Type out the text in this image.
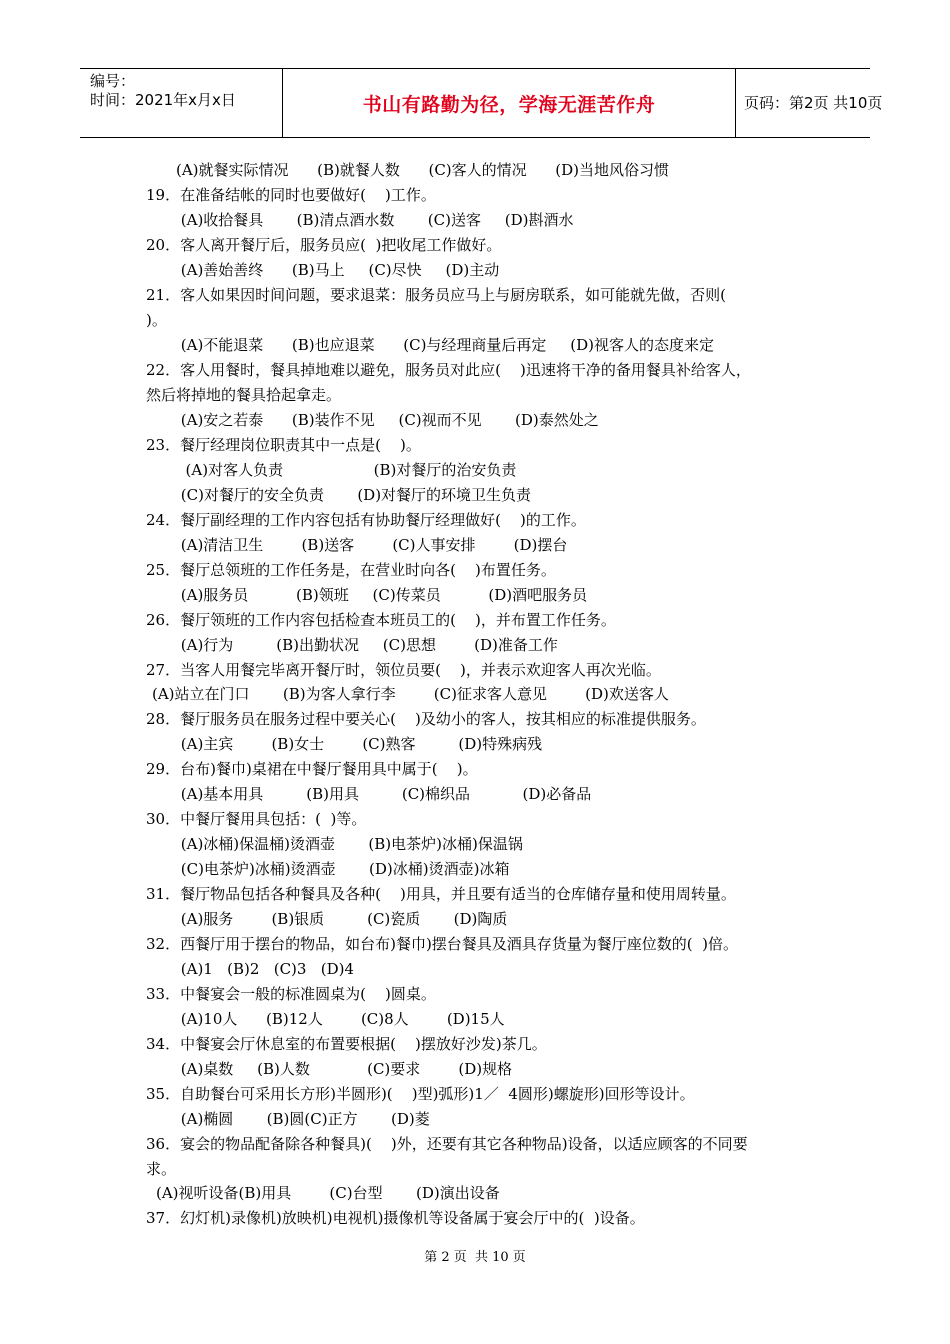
编号：
时间：2021年x月x日	书山有路勤为径，学海无涯苦作舟	页码：第2页 共10页
(A)就餐实际情况      (B)就餐人数      (C)客人的情况      (D)当地风俗习惯
19．在准备结帐的同时也要做好(    )工作。
(A)收拾餐具       (B)清点酒水数       (C)送客     (D)斟酒水
20．客人离开餐厅后，服务员应(  )把收尾工作做好。
(A)善始善终      (B)马上     (C)尽快     (D)主动
21．客人如果因时间问题，要求退菜：服务员应马上与厨房联系，如可能就先做，否则(
)。
(A)不能退菜      (B)也应退菜      (C)与经理商量后再定     (D)视客人的态度来定
22．客人用餐时，餐具掉地难以避免，服务员对此应(    )迅速将干净的备用餐具补给客人，
然后将掉地的餐具拾起拿走。
(A)安之若泰      (B)装作不见     (C)视而不见       (D)泰然处之
23．餐厅经理岗位职责其中一点是(    )。
(A)对客人负责                   (B)对餐厅的治安负责
(C)对餐厅的安全负责       (D)对餐厅的环境卫生负责
24．餐厅副经理的工作内容包括有协助餐厅经理做好(    )的工作。
(A)清洁卫生        (B)送客        (C)人事安排        (D)摆台
25．餐厅总领班的工作任务是，在营业时向各(    )布置任务。
(A)服务员          (B)领班     (C)传菜员          (D)酒吧服务员
26．餐厅领班的工作内容包括检查本班员工的(    )，并布置工作任务。
(A)行为         (B)出勤状况     (C)思想        (D)准备工作
27．当客人用餐完毕离开餐厅时，领位员要(    )，并表示欢迎客人再次光临。
(A)站立在门口       (B)为客人拿行李        (C)征求客人意见        (D)欢送客人
28．餐厅服务员在服务过程中要关心(    )及幼小的客人，按其相应的标准提供服务。
(A)主宾        (B)女士        (C)熟客         (D)特殊病残
29．台布)餐巾)桌裙在中餐厅餐用具中属于(    )。
(A)基本用具         (B)用具         (C)棉织品           (D)必备品
30．中餐厅餐用具包括：(  )等。
(A)冰桶)保温桶)烫酒壶       (B)电茶炉)冰桶)保温锅
(C)电茶炉)冰桶)烫酒壶       (D)冰桶)烫酒壶)冰箱
31．餐厅物品包括各种餐具及各种(    )用具，并且要有适当的仓库储存量和使用周转量。
(A)服务        (B)银质         (C)瓷质       (D)陶质
32．西餐厅用于摆台的物品，如台布)餐巾)摆台餐具及酒具存货量为餐厅座位数的(  )倍。
(A)1   (B)2   (C)3   (D)4
33．中餐宴会一般的标准圆桌为(    )圆桌。
(A)10人      (B)12人        (C)8人        (D)15人
34．中餐宴会厅休息室的布置要根据(    )摆放好沙发)茶几。
(A)桌数     (B)人数            (C)要求        (D)规格
35．自助餐台可采用长方形)半圆形)(    )型)弧形)1／  4圆形)螺旋形)回形等设计。
(A)椭圆       (B)圆(C)正方       (D)菱
36．宴会的物品配备除各种餐具)(    )外，还要有其它各种物品)设备，以适应顾客的不同要
求。
(A)视听设备(B)用具        (C)台型       (D)演出设备
37．幻灯机)录像机)放映机)电视机)摄像机等设备属于宴会厅中的(  )设备。
第 2 页  共 10 页
